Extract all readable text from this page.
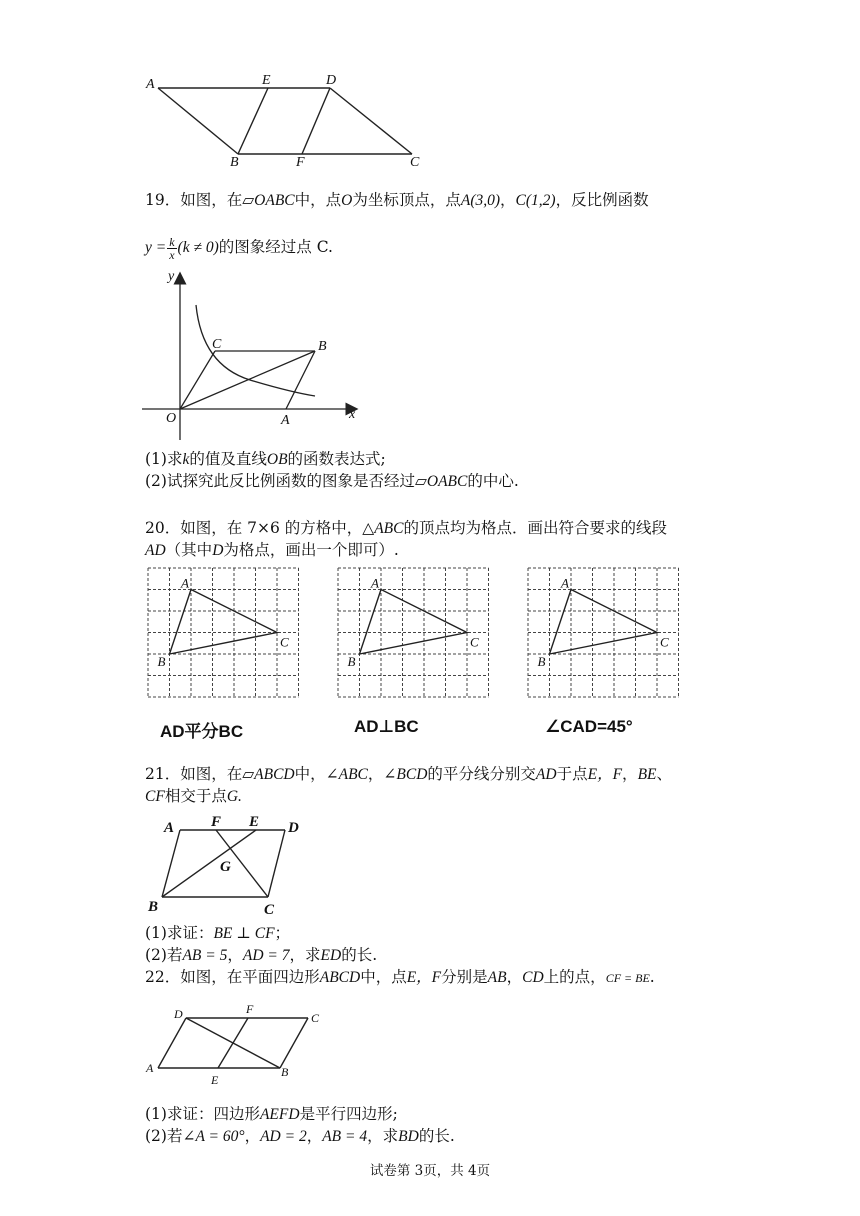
A	E	D
B	F	C
19．如图，在▱OABC中，点O为坐标顶点，点A(3,0)，C(1,2)，反比例函数
$y = \frac{k}{x} (k \ne 0)$的图象经过点 C.
y
x
O	A
B
C
(1)求k的值及直线OB的函数表达式;
(2)试探究此反比例函数的图象是否经过▱OABC的中心.
20．如图，在 7×6 的方格中，△ABC的顶点均为格点．画出符合要求的线段
AD（其中D为格点，画出一个即可）.
A
B
C
A
B
C
A
B
C
AD平分BC	AD⊥BC	∠CAD=45°
21．如图，在▱ABCD中，∠ABC，∠BCD的平分线分别交AD于点E，F，BE、
CF相交于点G.
A F E D
G
B	C
(1)求证：BE ⊥ CF；
(2)若AB = 5，AD = 7，求ED的长.
22．如图，在平面四边形ABCD中，点E，F分别是AB，CD上的点，CF = BE.
D	F
C
A
E
B
(1)求证：四边形AEFD是平行四边形;
(2)若∠A = 60°，AD = 2，AB = 4，求BD的长.
试卷第 3页，共 4页
